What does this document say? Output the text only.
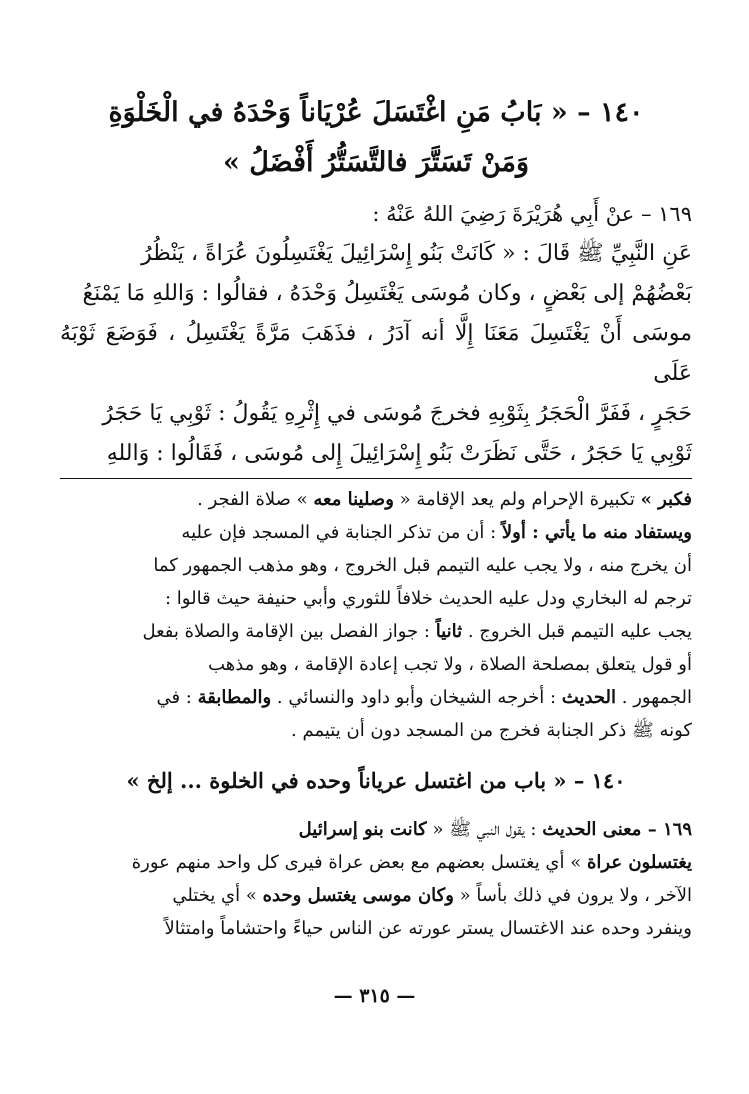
١٤٠ – « بَابُ مَنِ اغْتَسَلَ عُرْيَاناً وَحْدَهُ في الْخَلْوَةِ
وَمَنْ تَسَتَّرَ فالتَّسَتُّرُ أَفْضَلُ »

١٦٩ – عنْ أَبِي هُرَيْرَةَ رَضِيَ اللهُ عَنْهُ :

عَنِ النَّبِيِّ ﷺ قَالَ : « كَانَتْ بَنُو إِسْرَائِيلَ يَغْتَسِلُونَ عُرَاةً ، يَنْظُرُ

بَعْضُهُمْ إلى بَعْضٍ ، وكان مُوسَى يَغْتَسِلُ وَحْدَهُ ، فقالُوا : وَاللهِ مَا يَمْنَعُ

موسَى أَنْ يَغْتَسِلَ مَعَنَا إِلَّا أنه آدَرُ ، فذَهَبَ مَرَّةً يَغْتَسِلُ ، فَوَضَعَ ثَوْبَهُ عَلَى

حَجَرٍ ، فَفَرَّ الْحَجَرُ بِثَوْبِهِ فخرجَ مُوسَى في إِثْرِهِ يَقُولُ : ثَوْبِي يَا حَجَرُ

ثَوْبِي يَا حَجَرُ ، حَتَّى نَظَرَتْ بَنُو إِسْرَائِيلَ إِلى مُوسَى ، فَقَالُوا : وَاللهِ

فكبر » تكبيرة الإحرام ولم يعد الإقامة « وصلينا معه » صلاة الفجر .

ويستفاد منه ما يأتي : أولاً : أن من تذكر الجنابة في المسجد فإن عليه

أن يخرج منه ، ولا يجب عليه التيمم قبل الخروج ، وهو مذهب الجمهور كما

ترجم له البخاري ودل عليه الحديث خلافاً للثوري وأبي حنيفة حيث قالوا :

يجب عليه التيمم قبل الخروج . ثانياً : جواز الفصل بين الإقامة والصلاة بفعل

أو قول يتعلق بمصلحة الصلاة ، ولا تجب إعادة الإقامة ، وهو مذهب

الجمهور . الحديث : أخرجه الشيخان وأبو داود والنسائي . والمطابقة : في

كونه ﷺ ذكر الجنابة فخرج من المسجد دون أن يتيمم .

١٤٠ – « باب من اغتسل عرياناً وحده في الخلوة ... إلخ »

١٦٩ – معنى الحديث : يقول النبي ﷺ « كانت بنو إسرائيل

يغتسلون عراة » أي يغتسل بعضهم مع بعض عراة فيرى كل واحد منهم عورة

الآخر ، ولا يرون في ذلك بأساً « وكان موسى يغتسل وحده » أي يختلي

وينفرد وحده عند الاغتسال يستر عورته عن الناس حياءً واحتشاماً وامتثالاً

— ٣١٥ —
